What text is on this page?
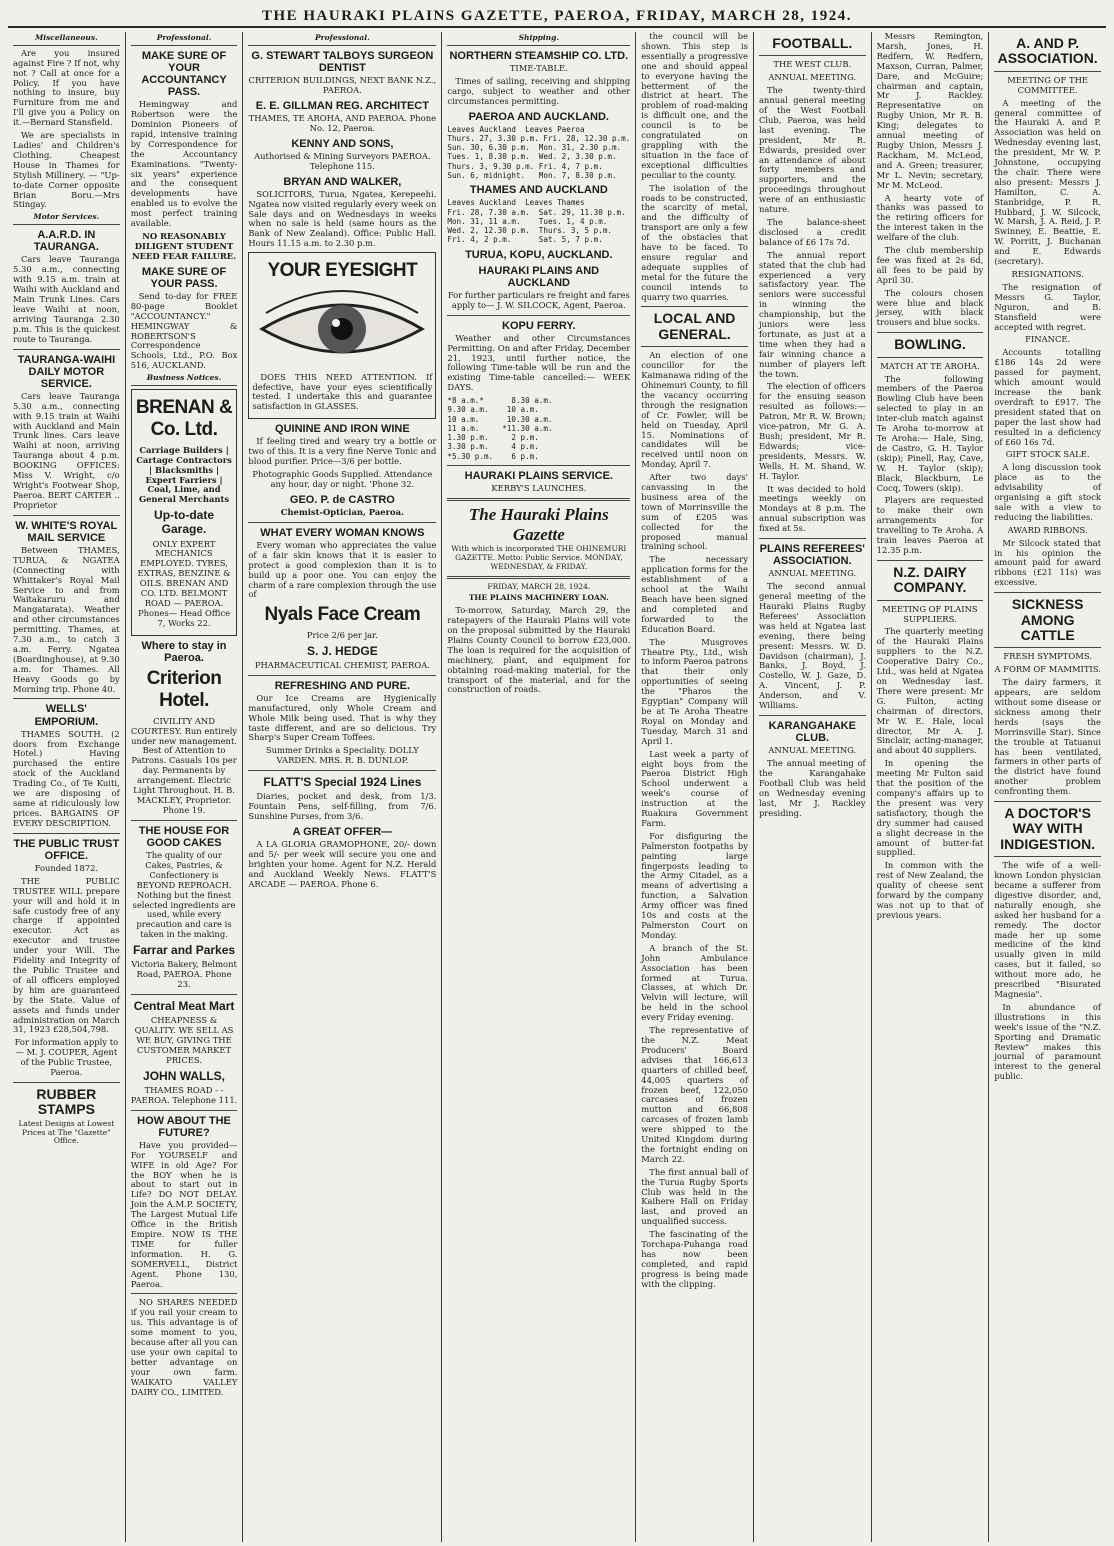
THE HAURAKI PLAINS GAZETTE, PAEROA, FRIDAY, MARCH 28, 1924.
Miscellaneous.

Are you insured against Fire ? If not, why not ? Call at once for a Policy. If you have nothing to insure, buy Furniture from me and I'll give you a Policy on it.—Bernard Stansfield.

We are specialists in Ladies' and Children's Clothing. Cheapest House in Thames for Stylish Millinery. — "Up-to-date Corner opposite Brian Boru.—Mrs Stingay.

Motor Services.
A.A.R.D. IN TAURANGA.

Cars leave Tauranga 5.30 a.m., connecting with 9.15 a.m. train at Waihi with Auckland and Main Trunk Lines. Cars leave Waihi at noon, arriving Tauranga 2.30 p.m. This is the quickest route to Tauranga.

TAURANGA-WAIHI DAILY MOTOR SERVICE.

Cars leave Tauranga 5.30 a.m., connecting with 9.15 train at Waihi with Auckland and Main Trunk lines. Cars leave Waihi at noon, arriving Tauranga about 4 p.m. BOOKING OFFICES: Miss V. Wright, c/o Wright's Footwear Shop, Paeroa. BERT CARTER .. Proprietor

W. WHITE'S ROYAL MAIL SERVICE

Between THAMES, TURUA, & NGATEA (Connecting with Whittaker's Royal Mail Service to and from Waitakaruru and Mangatarata). Weather and other circumstances permitting. Thames, at 7.30 a.m., to catch 3 a.m. Ferry. Ngatea (Boardinghouse), at 9.30 a.m. for Thames. All Heavy Goods go by Morning trip. Phone 40.

WELLS' EMPORIUM.

THAMES SOUTH. (2 doors from Exchange Hotel.) Having purchased the entire stock of the Auckland Trading Co., of Te Kuiti, we are disposing of same at ridiculously low prices. BARGAINS OF EVERY DESCRIPTION.

THE PUBLIC TRUST OFFICE.

Founded 1872.

THE PUBLIC TRUSTEE WILL prepare your will and hold it in safe custody free of any charge if appointed executor. Act as executor and trustee under your Will. The Fidelity and Integrity of the Public Trustee and of all officers employed by him are guaranteed by the State. Value of assets and funds under administration on March 31, 1923 £28,504,798.

For information apply to— M. J. COUPER, Agent of the Public Trustee, Paeroa.

RUBBER STAMPS

Latest Designs at Lowest Prices at The "Gazette" Office.

Professional.
MAKE SURE OF YOUR ACCOUNTANCY PASS.

Hemingway and Robertson were the Dominion Pioneers of rapid, intensive training by Correspondence for the Accountancy Examinations. "Twenty-six years" experience and the consequent developments have enabled us to evolve the most perfect training available.

NO REASONABLY DILIGENT STUDENT NEED FEAR FAILURE.

MAKE SURE OF YOUR PASS.

Send to-day for FREE 80-page Booklet "ACCOUNTANCY." HEMINGWAY & ROBERTSON'S Correspondence Schools, Ltd., P.O. Box 516, AUCKLAND.

Business Notices.
BRENAN & Co. Ltd.

Carriage Builders | Cartage Contractors | Blacksmiths | Expert Farriers | Coal, Lime, and General Merchants

Up-to-date Garage.

ONLY EXPERT MECHANICS EMPLOYED. TYRES, EXTRAS, BENZINE & OILS. BRENAN AND CO. LTD. BELMONT ROAD — PAEROA. Phones— Head Office 7, Works 22.

Where to stay in Paeroa.
Criterion Hotel.

CIVILITY AND COURTESY. Run entirely under new management. Best of Attention to Patrons. Casuals 10s per day. Permanents by arrangement. Electric Light Throughout. H. B. MACKLEY, Proprietor. Phone 19.

THE HOUSE FOR GOOD CAKES

The quality of our Cakes, Pastries, & Confectionery is BEYOND REPROACH. Nothing but the finest selected ingredients are used, while every precaution and care is taken in the making.

Farrar and Parkes

Victoria Bakery, Belmont Road, PAEROA. Phone 23.

Central Meat Mart

CHEAPNESS & QUALITY. WE SELL AS WE BUY, GIVING THE CUSTOMER MARKET PRICES.

JOHN WALLS,

THAMES ROAD - - PAEROA. Telephone 111.

HOW ABOUT THE FUTURE?

Have you provided— For YOURSELF and WIFE in old Age? For the BOY when he is about to start out in Life? DO NOT DELAY. Join the A.M.P. SOCIETY, The Largest Mutual Life Office in the British Empire. NOW IS THE TIME for fuller information. H. G. SOMERVELL, District Agent. Phone 130, Paeroa.

NO SHARES NEEDED if you rail your cream to us. This advantage is of some moment to you, because after all you can use your own capital to better advantage on your own farm. WAIKATO VALLEY DAIRY CO., LIMITED.

Professional.
G. STEWART TALBOYS SURGEON DENTIST

CRITERION BUILDINGS, NEXT BANK N.Z., PAEROA.

E. E. GILLMAN REG. ARCHITECT

THAMES, TE AROHA, AND PAEROA. Phone No. 12, Paeroa.

KENNY AND SONS,

Authorised & Mining Surveyors PAEROA. Telephone 115.

BRYAN AND WALKER,

SOLICITORS, Turua, Ngatea, Kerepeehi. Ngatea now visited regularly every week on Sale days and on Wednesdays in weeks when no sale is held (same hours as the Bank of New Zealand). Office: Public Hall. Hours 11.15 a.m. to 2.30 p.m.

YOUR EYESIGHT

DOES THIS NEED ATTENTION. If defective, have your eyes scientifically tested. I undertake this and guarantee satisfaction in GLASSES.

QUININE AND IRON WINE

If feeling tired and weary try a bottle or two of this. It is a very fine Nerve Tonic and blood purifier. Price—3/6 per bottle.

Photographic Goods Supplied. Attendance any hour, day or night. 'Phone 32.

GEO. P. de CASTRO

Chemist-Optician, Paeroa.

WHAT EVERY WOMAN KNOWS

Every woman who appreciates the value of a fair skin knows that it is easier to protect a good complexion than it is to build up a poor one. You can enjoy the charm of a rare complexion through the use of

Nyals Face Cream

Price 2/6 per jar.

S. J. HEDGE

PHARMACEUTICAL CHEMIST, PAEROA.

REFRESHING AND PURE.

Our Ice Creams are Hygienically manufactured, only Whole Cream and Whole Milk being used. That is why they taste different, and are so delicious. Try Sharp's Super Cream Toffees.

Summer Drinks a Speciality. DOLLY VARDEN. MRS. R. B. DUNLOP.

FLATT'S Special 1924 Lines

Diaries, pocket and desk, from 1/3. Fountain Pens, self-filling, from 7/6. Sunshine Purses, from 3/6.

A GREAT OFFER—

A LA GLORIA GRAMOPHONE, 20/- down and 5/- per week will secure you one and brighten your home. Agent for N.Z. Herald and Auckland Weekly News. FLATT'S ARCADE — PAEROA. Phone 6.

Shipping.
NORTHERN STEAMSHIP CO. LTD.

TIME-TABLE.

Times of sailing, receiving and shipping cargo, subject to weather and other circumstances permitting.

PAEROA AND AUCKLAND.
Leaves Auckland  Leaves Paeroa
Thurs. 27, 3.30 p.m. Fri. 28, 12.30 p.m.
Sun. 30, 6.30 p.m.  Mon. 31, 2.30 p.m.
Tues. 1, 8.30 p.m.  Wed. 2, 3.30 p.m.
Thurs. 3, 9.30 p.m. Fri. 4, 7 p.m.
Sun. 6, midnight.   Mon. 7, 8.30 p.m.
THAMES AND AUCKLAND
Leaves Auckland  Leaves Thames
Fri. 28, 7.30 a.m.  Sat. 29, 11.30 p.m.
Mon. 31, 11 a.m.    Tues. 1, 4 p.m.
Wed. 2, 12.30 p.m.  Thurs. 3, 5 p.m.
Fri. 4, 2 p.m.      Sat. 5, 7 p.m.
TURUA, KOPU, AUCKLAND.
HAURAKI PLAINS AND AUCKLAND

For further particulars re freight and fares apply to— J. W. SILCOCK, Agent, Paeroa.

KOPU FERRY.

Weather and other Circumstances Permitting. On and after Friday, December 21, 1923, until further notice, the following Time-table will be run and the existing Time-table cancelled:— WEEK DAYS.

*8 a.m.*      8.30 a.m.
9.30 a.m.    10 a.m.
10 a.m.      10.30 a.m.
11 a.m.     *11.30 a.m.
1.30 p.m.     2 p.m.
3.30 p.m.     4 p.m.
*5.30 p.m.    6 p.m.
HAURAKI PLAINS SERVICE.

KERBY'S LAUNCHES.

The Hauraki Plains Gazette

With which is incorporated THE OHINEMURI GAZETTE. Motto: Public Service. MONDAY, WEDNESDAY, & FRIDAY.

FRIDAY, MARCH 28, 1924.

THE PLAINS MACHINERY LOAN.

To-morrow, Saturday, March 29, the ratepayers of the Hauraki Plains will vote on the proposal submitted by the Hauraki Plains County Council to borrow £23,000. The loan is required for the acquisition of machinery, plant, and equipment for obtaining road-making material, for the transport of the material, and for the construction of roads.

the council will be shown. This step is essentially a progressive one and should appeal to everyone having the betterment of the district at heart. The problem of road-making is difficult one, and the council is to be congratulated on grappling with the situation in the face of exceptional difficulties peculiar to the county.

The isolation of the roads to be constructed, the scarcity of metal, and the difficulty of transport are only a few of the obstacles that have to be faced. To ensure regular and adequate supplies of metal for the future the council intends to quarry two quarries.

LOCAL AND GENERAL.

An election of one councillor for the Kaimanawa riding of the Ohinemuri County, to fill the vacancy occurring through the resignation of Cr. Fowler, will be held on Tuesday, April 15. Nominations of candidates will be received until noon on Monday, April 7.

After two days' canvassing in the business area of the town of Morrinsville the sum of £205 was collected for the proposed manual training school.

The necessary application forms for the establishment of a school at the Waihi Beach have been signed and completed and forwarded to the Education Board.

The Musgroves Theatre Pty., Ltd., wish to inform Paeroa patrons that their only opportunities of seeing the "Pharos the Egyptian" Company will be at Te Aroha Theatre Royal on Monday and Tuesday, March 31 and April 1.

Last week a party of eight boys from the Paeroa District High School underwent a week's course of instruction at the Ruakura Government Farm.

For disfiguring the Palmerston footpaths by painting large fingerposts leading to the Army Citadel, as a means of advertising a function, a Salvation Army officer was fined 10s and costs at the Palmerston Court on Monday.

A branch of the St. John Ambulance Association has been formed at Turua. Classes, at which Dr. Velvin will lecture, will be held in the school every Friday evening.

The representative of the N.Z. Meat Producers' Board advises that 166,613 quarters of chilled beef, 44,005 quarters of frozen beef, 122,050 carcases of frozen mutton and 66,808 carcases of frozen lamb were shipped to the United Kingdom during the fortnight ending on March 22.

The first annual ball of the Turua Rugby Sports Club was held in the Kaihere Hall on Friday last, and proved an unqualified success.

The fascinating of the Torchapa-Puhanga road has now been completed, and rapid progress is being made with the clipping.

FOOTBALL.

THE WEST CLUB.

ANNUAL MEETING.

The twenty-third annual general meeting of the West Football Club, Paeroa, was held last evening. The president, Mr R. Edwards, presided over an attendance of about forty members and supporters, and the proceedings throughout were of an enthusiastic nature.

The balance-sheet disclosed a credit balance of £6 17s 7d.

The annual report stated that the club had experienced a very satisfactory year. The seniors were successful in winning the championship, but the juniors were less fortunate, as just at a time when they had a fair winning chance a number of players left the town.

The election of officers for the ensuing season resulted as follows:— Patron, Mr R. W. Brown; vice-patron, Mr G. A. Bush; president, Mr R. Edwards; vice-presidents, Messrs. W. Wells, H. M. Shand, W. H. Taylor.

It was decided to hold meetings weekly on Mondays at 8 p.m. The annual subscription was fixed at 5s.

PLAINS REFEREES' ASSOCIATION.

ANNUAL MEETING.

The second annual general meeting of the Hauraki Plains Rugby Referees' Association was held at Ngatea last evening, there being present: Messrs. W. D. Davidson (chairman), J. Banks, J. Boyd, J. Costello, W. J. Gaze, D. A. Vincent, J. P. Anderson, and V. Williams.

KARANGAHAKE CLUB.

ANNUAL MEETING.

The annual meeting of the Karangahake Football Club was held on Wednesday evening last, Mr J. Rackley presiding.

Messrs Remington, Marsh, Jones, H. Redfern, W. Redfern, Maxson, Curran, Palmer, Dare, and McGuire; chairman and captain, Mr J. Rackley. Representative on Rugby Union, Mr R. B. King; delegates to annual meeting of Rugby Union, Messrs J. Rackham, M. McLeod, and A. Green; treasurer, Mr L. Nevin; secretary, Mr M. McLeod.

A hearty vote of thanks was passed to the retiring officers for the interest taken in the welfare of the club.

The club membership fee was fixed at 2s 6d, all fees to be paid by April 30.

The colours chosen were blue and black jersey, with black trousers and blue socks.

BOWLING.

MATCH AT TE AROHA.

The following members of the Paeroa Bowling Club have been selected to play in an inter-club match against Te Aroha to-morrow at Te Aroha:— Hale, Sing, de Castro, G. H. Taylor (skip); Pinell, Ray, Cave, W. H. Taylor (skip); Black, Blackburn, Le Cocq, Towers (skip).

Players are requested to make their own arrangements for travelling to Te Aroha. A train leaves Paeroa at 12.35 p.m.

N.Z. DAIRY COMPANY.

MEETING OF PLAINS SUPPLIERS.

The quarterly meeting of the Hauraki Plains suppliers to the N.Z. Cooperative Dairy Co., Ltd., was held at Ngatea on Wednesday last. There were present: Mr G. Fulton, acting chairman of directors, Mr W. E. Hale, local director, Mr A. J. Sinclair, acting-manager, and about 40 suppliers.

In opening the meeting Mr Fulton said that the position of the company's affairs up to the present was very satisfactory, though the dry summer had caused a slight decrease in the amount of butter-fat supplied.

In common with the rest of New Zealand, the quality of cheese sent forward by the company was not up to that of previous years.

A. AND P. ASSOCIATION.

MEETING OF THE COMMITTEE.

A meeting of the general committee of the Hauraki A. and P. Association was held on Wednesday evening last, the president, Mr W. P. Johnstone, occupying the chair. There were also present: Messrs J. Hamilton, C. A. Stanbridge, P. R. Hubbard, J. W. Silcock, W. Marsh, J. A. Reid, J. P. Swinney, E. Beattie, E. W. Porritt, J. Buchanan and E. Edwards (secretary).

RESIGNATIONS.

The resignation of Messrs G. Taylor, Nguron, and B. Stansfield were accepted with regret.

FINANCE.

Accounts totalling £186 14s 2d were passed for payment, which amount would increase the bank overdraft to £917. The president stated that on paper the last show had resulted in a deficiency of £60 16s 7d.

GIFT STOCK SALE.

A long discussion took place as to the advisability of organising a gift stock sale with a view to reducing the liabilities.

AWARD RIBBONS.

Mr Silcock stated that in his opinion the amount paid for award ribbons (£21 11s) was excessive.

SICKNESS AMONG CATTLE

FRESH SYMPTOMS.

A FORM OF MAMMITIS.

The dairy farmers, it appears, are seldom without some disease or sickness among their herds (says the Morrinsville Star). Since the trouble at Tatuanui has been ventilated, farmers in other parts of the district have found another problem confronting them.

A DOCTOR'S WAY WITH INDIGESTION.

The wife of a well-known London physician became a sufferer from digestive disorder, and, naturally enough, she asked her husband for a remedy. The doctor made her up some medicine of the kind usually given in mild cases, but it failed, so without more ado, he prescribed "Bisurated Magnesia".

In abundance of illustrations in this week's issue of the "N.Z. Sporting and Dramatic Review" makes this journal of paramount interest to the general public.
